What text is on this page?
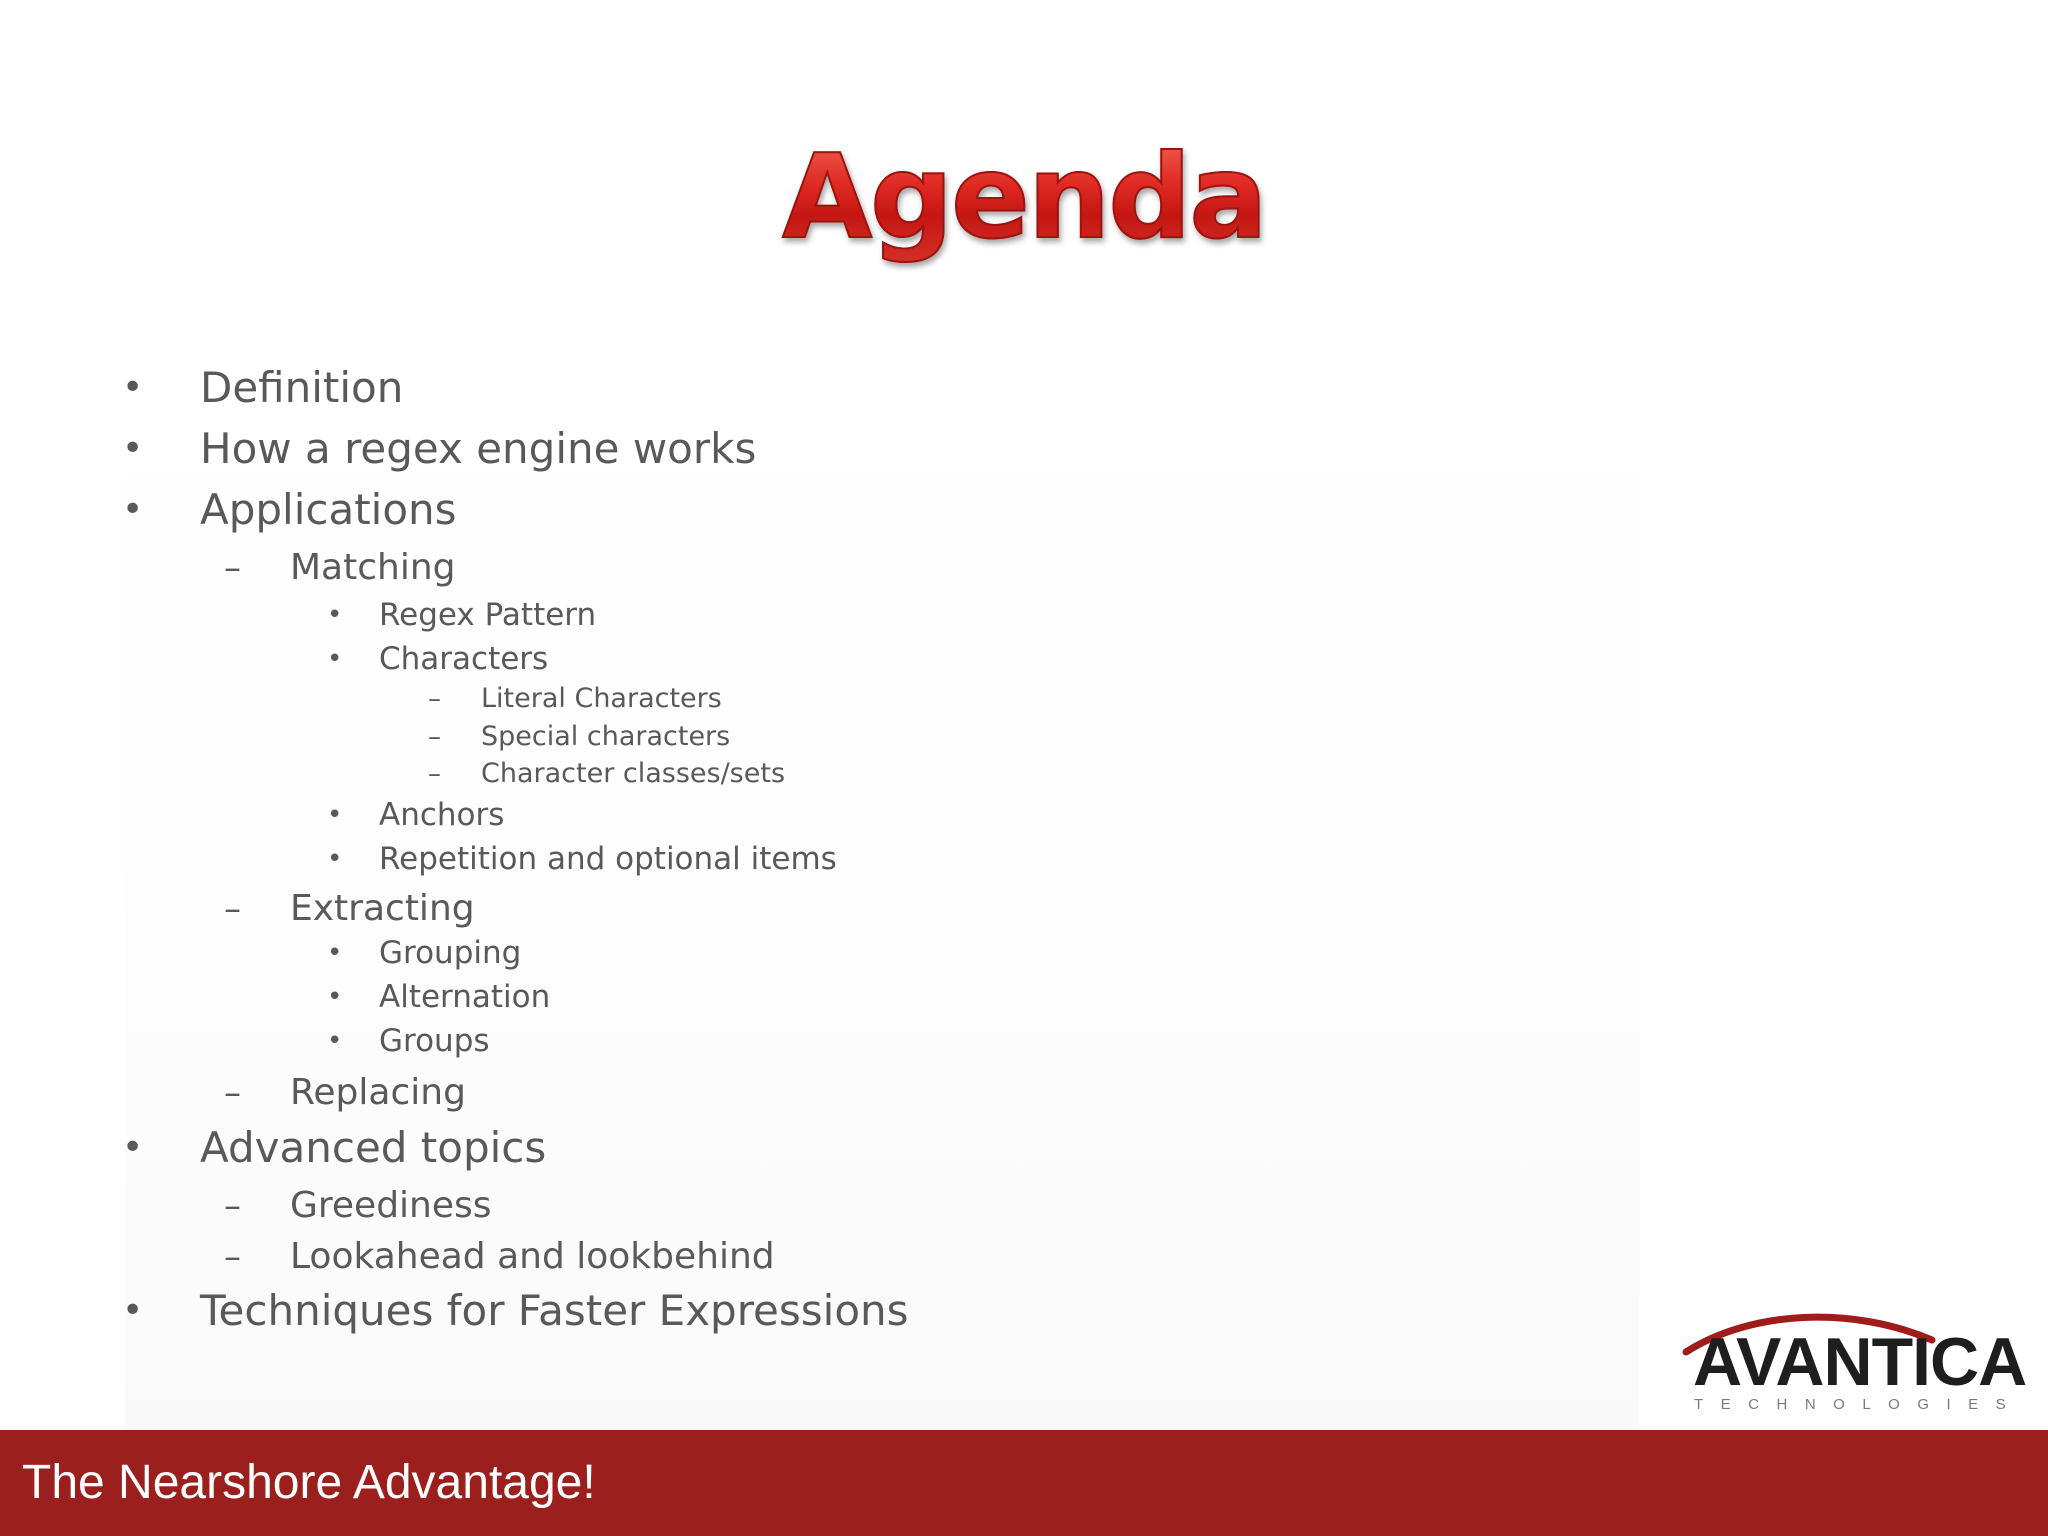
Agenda
• Definition
• How a regex engine works
• Applications
– Matching
• Regex Pattern
• Characters
– Literal Characters
– Special characters
– Character classes/sets
• Anchors
• Repetition and optional items
– Extracting
• Grouping
• Alternation
• Groups
– Replacing
• Advanced topics
– Greediness
– Lookahead and lookbehind
• Techniques for Faster Expressions
AVANTICA
TECHNOLOGIES
The Nearshore Advantage!
